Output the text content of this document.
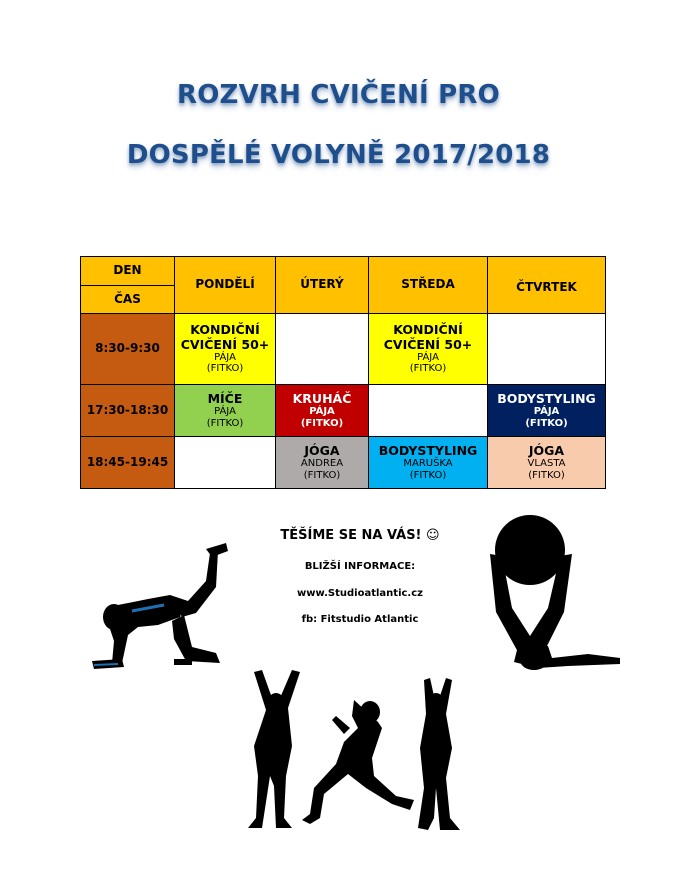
ROZVRH CVIČENÍ PRO
DOSPĚLÉ VOLYNĚ 2017/2018
DEN	PONDĚLÍ	ÚTERÝ	STŘEDA	ČTVRTEK
ČAS				
8:30-9:30	KONDIČNÍ
CVIČENÍ 50+
PÁJA
(FITKO)		KONDIČNÍ
CVIČENÍ 50+
PÁJA
(FITKO)	

17:30-18:30	MÍČE
PÁJA
(FITKO)	KRUHÁČ
PÁJA
(FITKO)		BODYSTYLING
PÁJA
(FITKO)

18:45-19:45		JÓGA
ANDREA
(FITKO)	BODYSTYLING
MARUŠKA
(FITKO)	JÓGA
VLASTA
(FITKO)
TĚŠÍME SE NA VÁS! ☺
BLIŽŠÍ INFORMACE:
www.Studioatlantic.cz
fb: Fitstudio Atlantic
